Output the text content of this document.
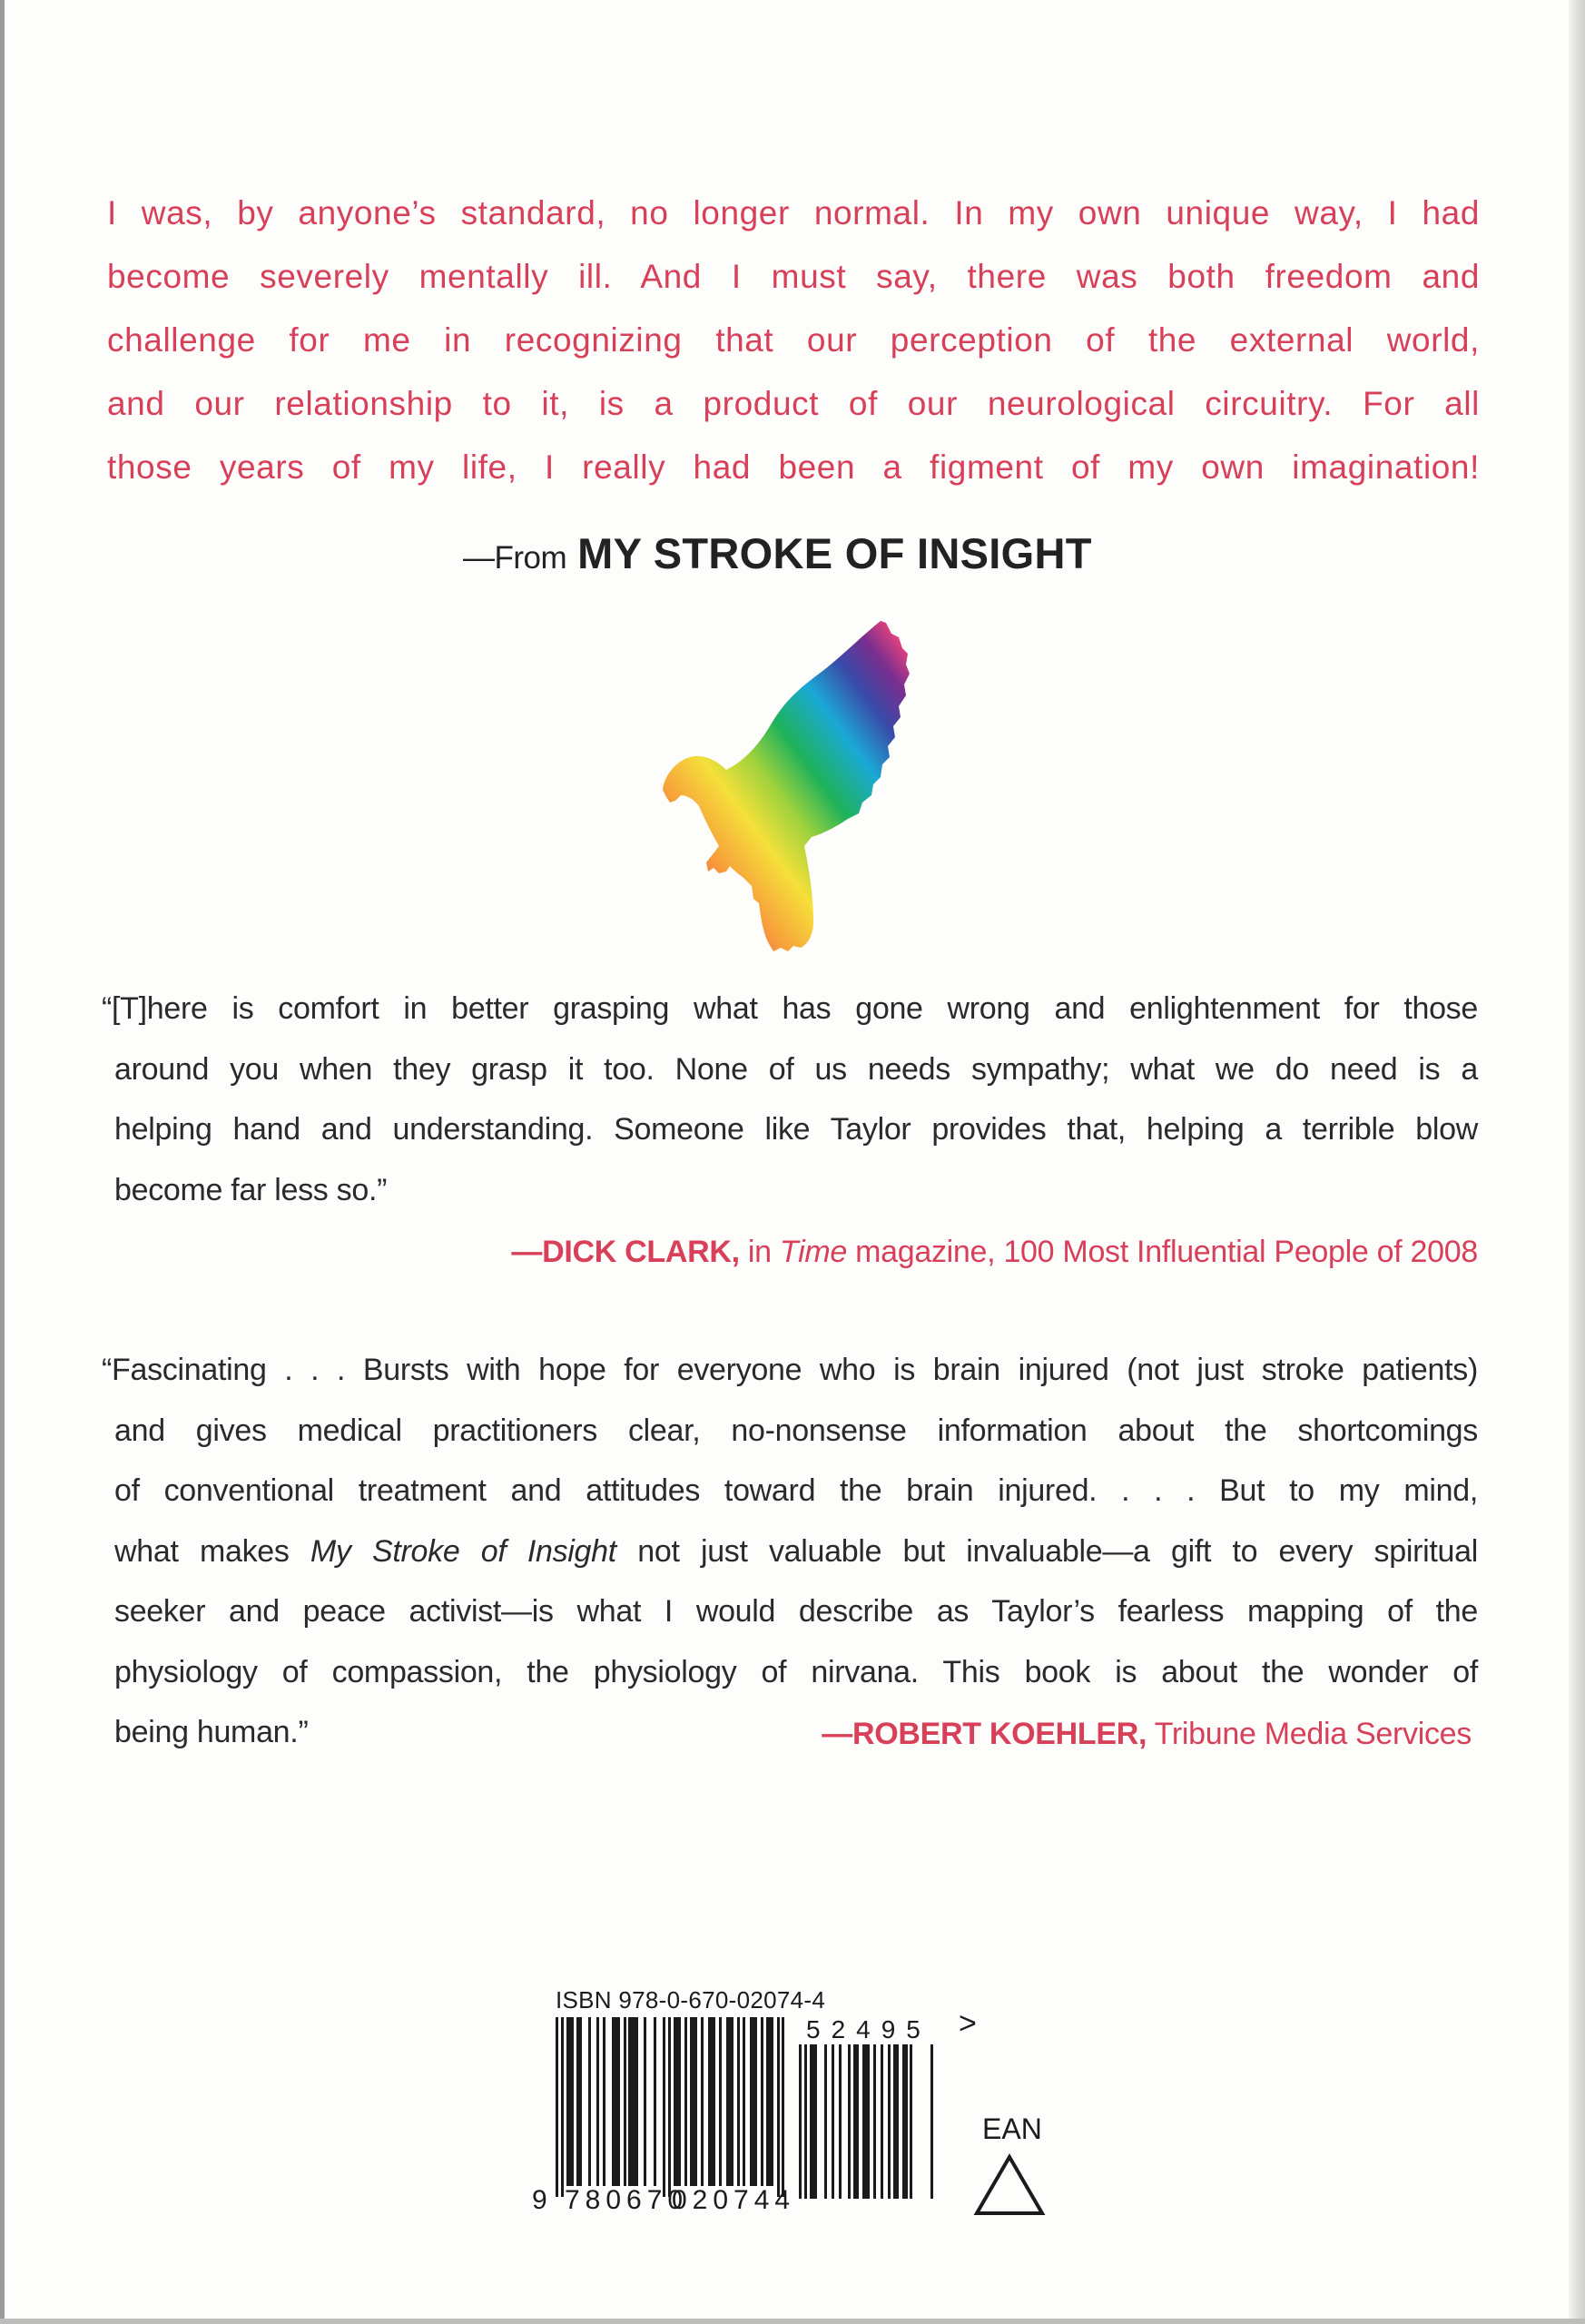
I was, by anyone’s standard, no longer normal. In my own unique way, I had
become severely mentally ill. And I must say, there was both freedom and
challenge for me in recognizing that our perception of the external world,
and our relationship to it, is a product of our neurological circuitry. For all
those years of my life, I really had been a figment of my own imagination!
—From MY STROKE OF INSIGHT
“[T]here is comfort in better grasping what has gone wrong and enlightenment for those
around you when they grasp it too. None of us needs sympathy; what we do need is a
helping hand and understanding. Someone like Taylor provides that, helping a terrible blow
become far less so.”
—DICK CLARK, in Time magazine, 100 Most Influential People of 2008
“Fascinating . . . Bursts with hope for everyone who is brain injured (not just stroke patients)
and gives medical practitioners clear, no-nonsense information about the shortcomings
of conventional treatment and attitudes toward the brain injured. . . . But to my mind,
what makes My Stroke of Insight not just valuable but invaluable—a gift to every spiritual
seeker and peace activist—is what I would describe as Taylor’s fearless mapping of the
physiology of compassion, the physiology of nirvana. This book is about the wonder of
being human.”	—ROBERT KOEHLER, Tribune Media Services
ISBN 978-0-670-02074-4
9 780670
020744
52495 >
EAN
